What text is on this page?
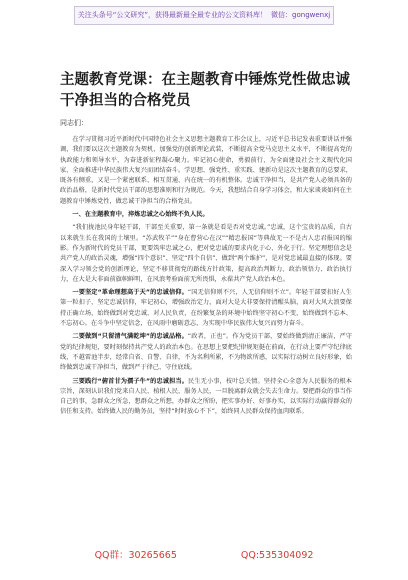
关注头条号“公文研究”，获得最新最全最专业的公文资料库！ 微信：gongwenxj
主题教育党课：在主题教育中锤炼党性做忠诚干净担当的合格党员
同志们：

在学习贯彻习近平新时代中国特色社会主义思想主题教育工作会议上，习近平总书记发表重要讲话并强调，我们要以这次主题教育为契机，加强党的创新理论武装，不断提高全党马克思主义水平，不断提高党的执政能力和领导水平，为奋进新征程凝心聚力。牢记初心使命，勇毅前行，为全面建设社会主义现代化国家、全面推进中华民族伟大复兴而团结奋斗。学思想、强党性、重实践、建新功是这次主题教育的总要求，既各有侧重，又是一个紧密联系、相互贯通、内在统一的有机整体。忠诚干净担当，是共产党人必须具备的政治品格，是新时代党员干部的思想准则和行为规范。今天，我想结合自身学习体会，和大家谈谈如何在主题教育中锤炼党性，做忠诚干净担当的合格党员。

一、在主题教育中，淬炼忠诚之心始终不负人民。

“我们拢池民身年轻干部，干部至关重要，第一条就是看是否对党忠诚。”忠诚，这个宝贵的品质，自古以来就生长在我国的土壤里。“苏武牧羊”“身在曹营心在汉”“精忠报国”等典故无一不是古人忠君报国的缩影。作为新时代的党员干部，更要筑牢忠诚之心，把对党忠诚的要求内化于心、外化于行。坚定理想信念是共产党人的政治灵魂，增强“四个意识”、坚定“四个自信”、做到“两个维护”，是对党忠诚最直接的体现。要深入学习领会党的创新理论，坚定不移贯彻党的路线方针政策，提高政治判断力、政治领悟力、政治执行力，在大是大非面前旗帜鲜明，在风浪考验面前无所畏惧，永葆共产党人政治本色。

一要坚定“革命理想高于天”的忠诚信仰。“国无信仰则不兴，人无信仰则不立”。年轻干部要扣好人生第一粒扣子，坚定忠诚信仰，牢记初心，增强政治定力，面对大是大非要保持清醒头脑，面对大风大浪要保持正确立场，始终做到对党忠诚、对人民负责，在纷繁复杂的环境中始终坚守初心不变，始终做到不忘本、不忘初心。在斗争中坚定信念，在风雨中磨砺意志，为实现中华民族伟大复兴而努力奋斗。

二要做到“只留清气满乾坤”的忠诚品格。“政者，正也”。作为党员干部，要始终做到清正廉洁，严守党的纪律规矩，要时刻保持共产党人的政治本色。在思想上要把纪律规矩挺在前面，在行动上要严守纪律底线，不越雷池半步，经常自省、自警、自律，不为名利所累，不为物欲所惑，以实际行动树立良好形象，始终做到忠诚干净担当，做到严于律己、守住底线。

三要践行“俯首甘为孺子牛”的忠诚担当。民生无小事，枝叶总关情。坚持全心全意为人民服务的根本宗旨，深刻认识我们党来自人民、植根人民、服务人民，一旦脱离群众就会失去生命力。要把群众的事当作自己的事，急群众之所急，想群众之所想，办群众之所盼，把实事办好、好事办实，以实际行动赢得群众的信任和支持。始终做人民的勤务员，坚持“时时放心不下”，始终同人民群众保持血肉联系。

QQ群：30265665	QQ:535304092
